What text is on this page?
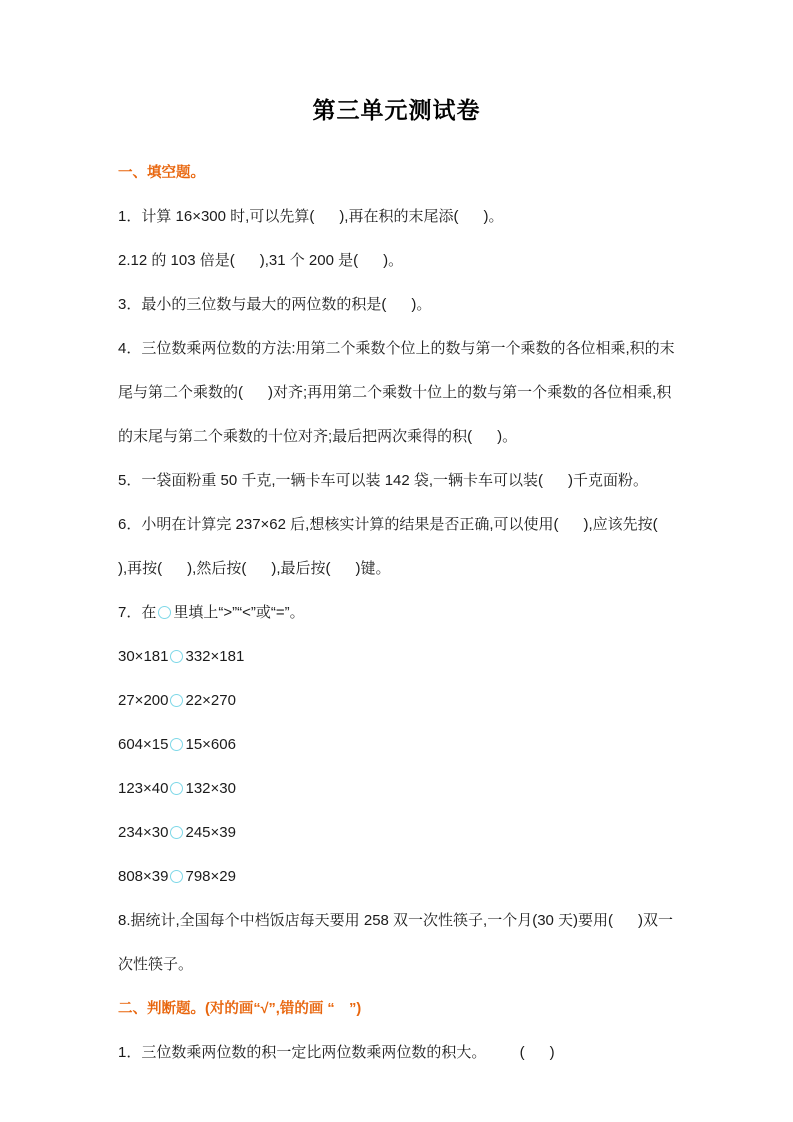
第三单元测试卷
一、填空题。

1．计算 16×300 时,可以先算(      ),再在积的末尾添(      )。

2.12 的 103 倍是(      ),31 个 200 是(      )。

3．最小的三位数与最大的两位数的积是(      )。

4．三位数乘两位数的方法:用第二个乘数个位上的数与第一个乘数的各位相乘,积的末尾与第二个乘数的(      )对齐;再用第二个乘数十位上的数与第一个乘数的各位相乘,积的末尾与第二个乘数的十位对齐;最后把两次乘得的积(      )。

5．一袋面粉重 50 千克,一辆卡车可以装 142 袋,一辆卡车可以装(      )千克面粉。

6．小明在计算完 237×62 后,想核实计算的结果是否正确,可以使用(      ),应该先按(      ),再按(      ),然后按(      ),最后按(      )键。

7．在 里填上“>”“<”或“=”。

30×181 332×181

27×200 22×270

604×15 15×606

123×40 132×30

234×30 245×39

808×39 798×29

8.据统计,全国每个中档饭店每天要用 258 双一次性筷子,一个月(30 天)要用(      )双一次性筷子。

二、判断题。(对的画“√”,错的画 “　”)

1．三位数乘两位数的积一定比两位数乘两位数的积大。        (      )
